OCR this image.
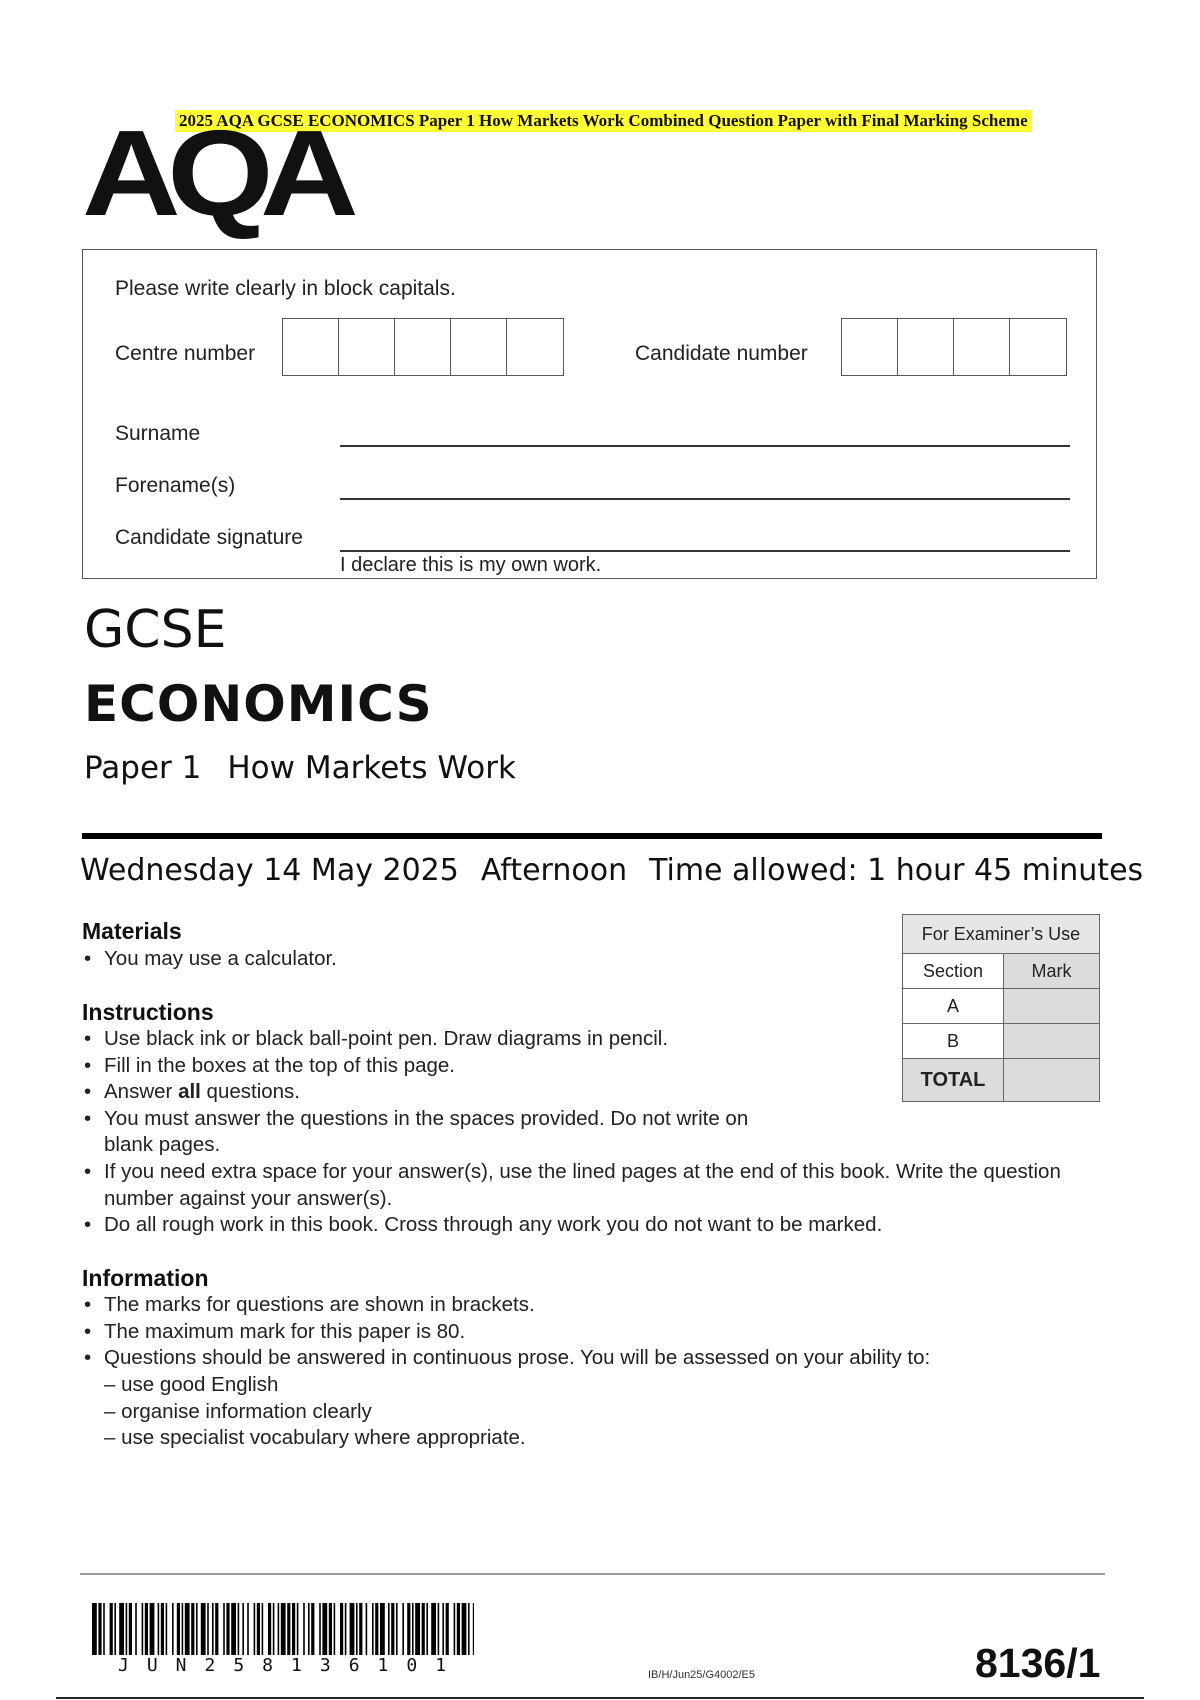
2025 AQA GCSE ECONOMICS Paper 1 How Markets Work Combined Question Paper with Final Marking Scheme
AQA
Please write clearly in block capitals.
Centre number	Candidate number
Surname
Forename(s)
Candidate signature
I declare this is my own work.
GCSE
ECONOMICS
Paper 1 How Markets Work
Wednesday 14 May 2025 Afternoon Time allowed: 1 hour 45 minutes
Materials
• You may use a calculator.
Instructions
• Use black ink or black ball-point pen. Draw diagrams in pencil.
• Fill in the boxes at the top of this page.
• Answer all questions.
• You must answer the questions in the spaces provided. Do not write on blank pages.
• If you need extra space for your answer(s), use the lined pages at the end of this book. Write the question number against your answer(s).
• Do all rough work in this book. Cross through any work you do not want to be marked.
Information
• The marks for questions are shown in brackets.
• The maximum mark for this paper is 80.
• Questions should be answered in continuous prose. You will be assessed on your ability to:
– use good English
– organise information clearly
– use specialist vocabulary where appropriate.
For Examiner’s Use	
Section	Mark
A	
B	
TOTAL	
JUN258136101	IB/H/Jun25/G4002/E5	8136/1
